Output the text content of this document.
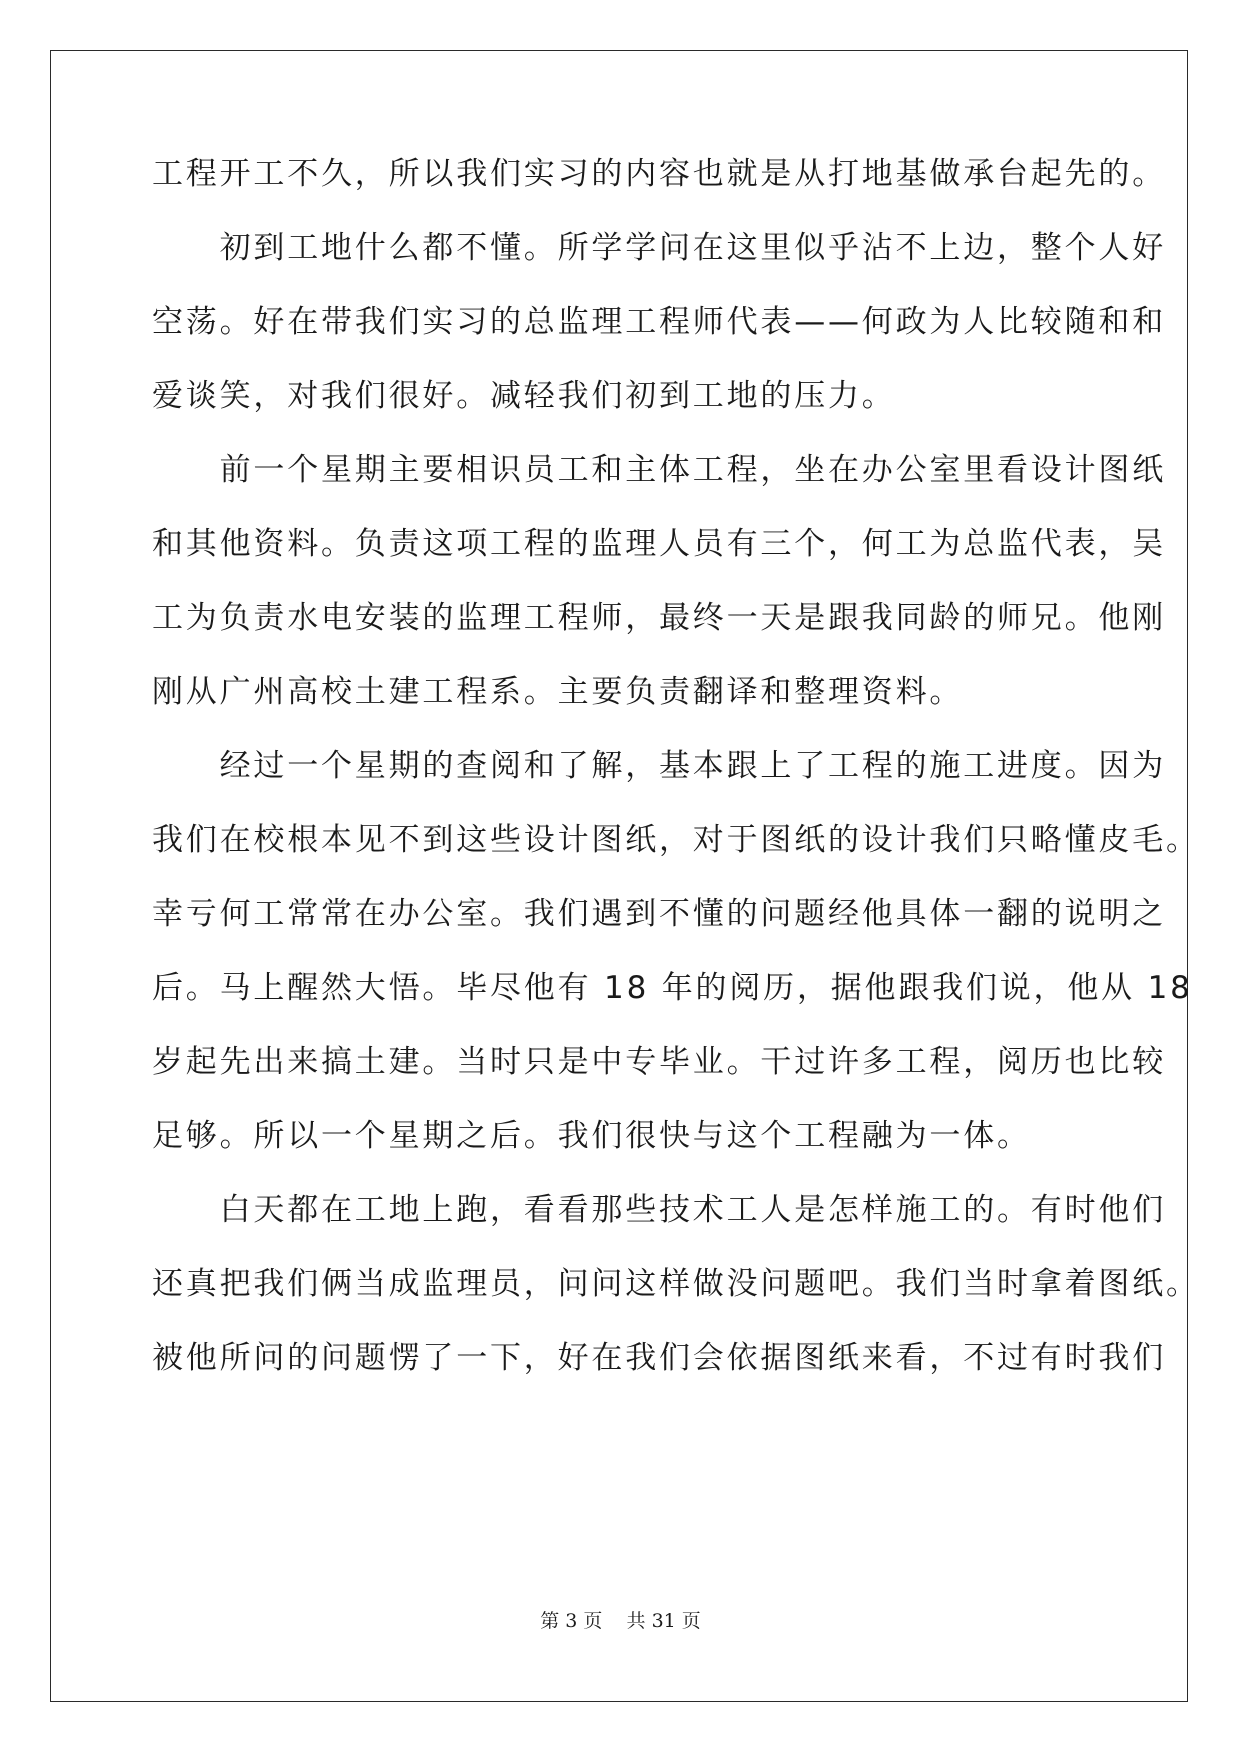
工程开工不久，所以我们实习的内容也就是从打地基做承台起先的。

　　初到工地什么都不懂。所学学问在这里似乎沾不上边，整个人好

空荡。好在带我们实习的总监理工程师代表——何政为人比较随和和

爱谈笑，对我们很好。减轻我们初到工地的压力。

　　前一个星期主要相识员工和主体工程，坐在办公室里看设计图纸

和其他资料。负责这项工程的监理人员有三个，何工为总监代表，吴

工为负责水电安装的监理工程师，最终一天是跟我同龄的师兄。他刚

刚从广州高校土建工程系。主要负责翻译和整理资料。

　　经过一个星期的查阅和了解，基本跟上了工程的施工进度。因为

我们在校根本见不到这些设计图纸，对于图纸的设计我们只略懂皮毛。

幸亏何工常常在办公室。我们遇到不懂的问题经他具体一翻的说明之

后。马上醒然大悟。毕尽他有 18 年的阅历，据他跟我们说，他从 18

岁起先出来搞土建。当时只是中专毕业。干过许多工程，阅历也比较

足够。所以一个星期之后。我们很快与这个工程融为一体。

　　白天都在工地上跑，看看那些技术工人是怎样施工的。有时他们

还真把我们俩当成监理员，问问这样做没问题吧。我们当时拿着图纸。

被他所问的问题愣了一下，好在我们会依据图纸来看，不过有时我们

第 3 页    共 31 页
